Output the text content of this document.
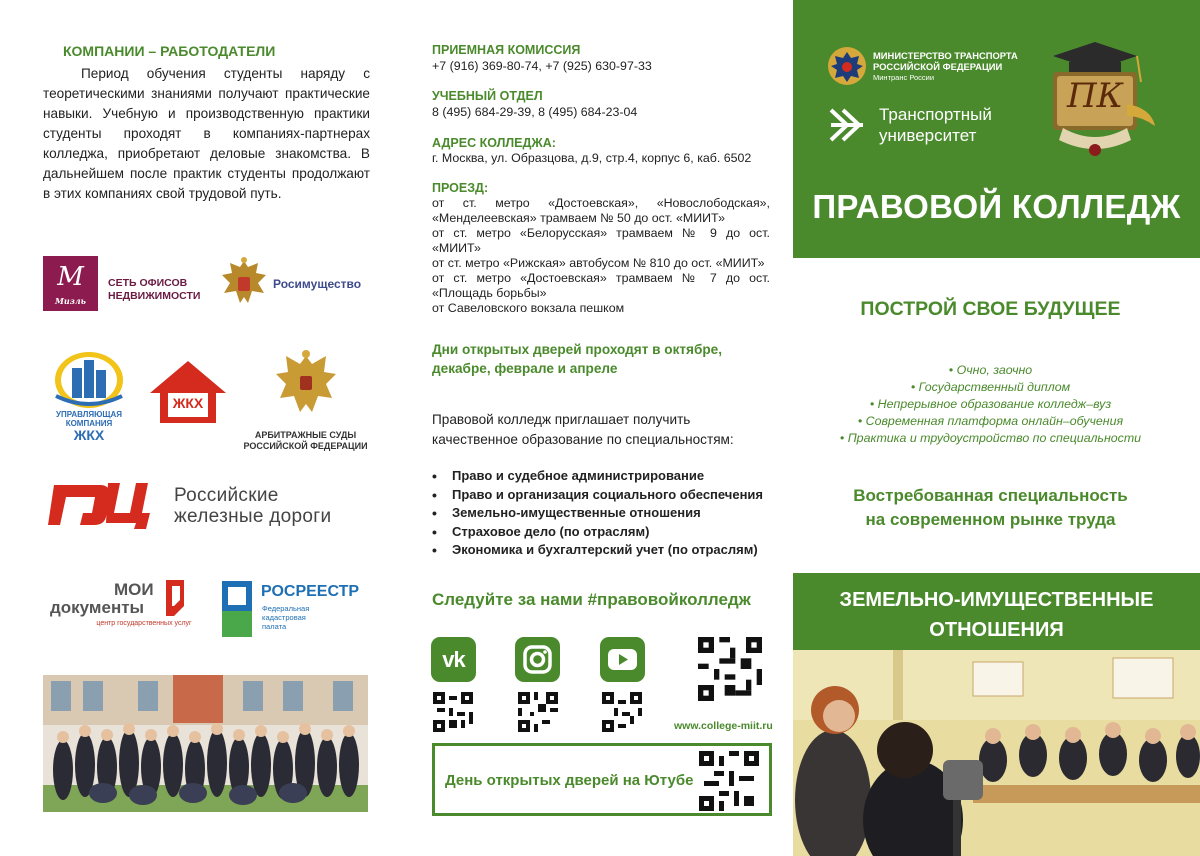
КОМПАНИИ – РАБОТОДАТЕЛИ

Период обучения студенты наряду с теоретическими знаниями получают практические навыки. Учебную и производственную практики студенты проходят в компаниях-партнерах колледжа, приобретают деловые знакомства. В дальнейшем после практик студенты продолжают в этих компаниях свой трудовой путь.

М
Мизль
СЕТЬ ОФИСОВ
НЕДВИЖИМОСТИ
Росимущество
УПРАВЛЯЮЩАЯ
КОМПАНИЯ
ЖКХ
ЖКХ
АРБИТРАЖНЫЕ СУДЫ
РОССИЙСКОЙ ФЕДЕРАЦИИ
Российские
железные дороги
МОИ
документы
центр государственных услуг
РОСРЕЕСТР
Федеральная
кадастровая
палата
ПРИЕМНАЯ КОМИССИЯ
+7 (916) 369-80-74, +7 (925) 630-97-33
УЧЕБНЫЙ ОТДЕЛ
8 (495) 684-29-39, 8 (495) 684-23-04
АДРЕС КОЛЛЕДЖА:
г. Москва, ул. Образцова, д.9, стр.4, корпус 6, каб. 6502
ПРОЕЗД:
от ст. метро «Достоевская», «Новослободская», «Менделеевская» трамваем № 50 до ост. «МИИТ»
от ст. метро «Белорусская» трамваем № 9 до ост. «МИИТ»
от ст. метро «Рижская» автобусом № 810 до ост. «МИИТ»
от ст. метро «Достоевская» трамваем № 7 до ост. «Площадь борьбы»
от Савеловского вокзала пешком
Дни открытых дверей проходят в октябре, декабре, феврале и апреле
Правовой колледж приглашает получить качественное образование по специальностям:
• Право и судебное администрирование
• Право и организация социального обеспечения
• Земельно-имущественные отношения
• Страховое дело (по отраслям)
• Экономика и бухгалтерский учет (по отраслям)
Следуйте за нами #правовойколледж
vk
www.college-miit.ru
День открытых дверей на Ютубе
МИНИСТЕРСТВО ТРАНСПОРТА
РОССИЙСКОЙ ФЕДЕРАЦИИ
Минтранс России
Транспортный
университет
ПК
ПРАВОВОЙ КОЛЛЕДЖ
ПОСТРОЙ СВОЕ БУДУЩЕЕ
• Очно, заочно
• Государственный диплом
• Непрерывное образование колледж–вуз
• Современная платформа онлайн–обучения
• Практика и трудоустройство по специальности
Востребованная специальность
на современном рынке труда
ЗЕМЕЛЬНО-ИМУЩЕСТВЕННЫЕ
ОТНОШЕНИЯ
